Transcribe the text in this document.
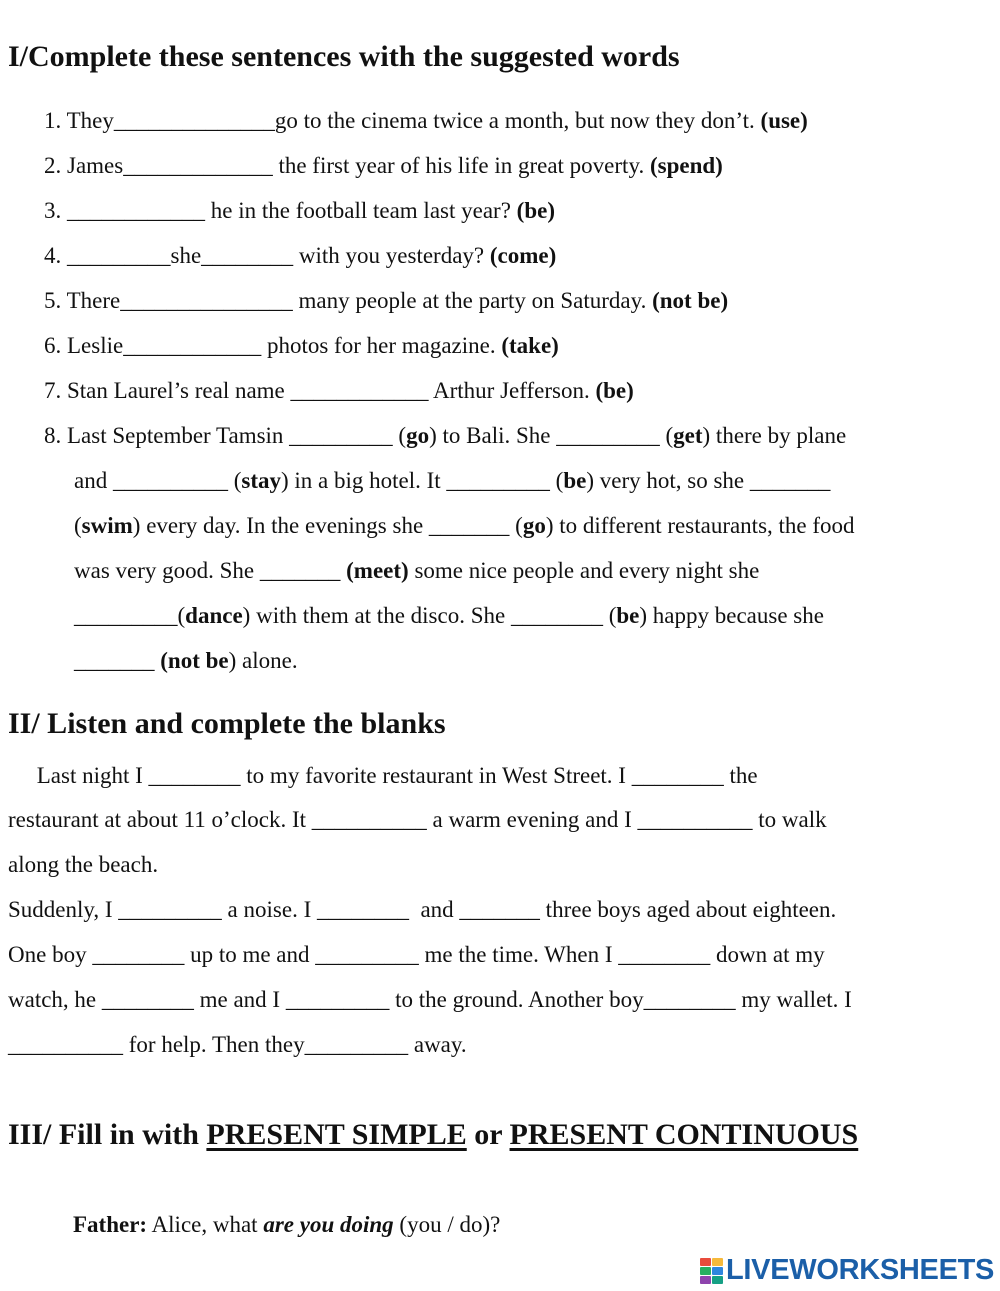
I/Complete these sentences with the suggested words
1. They______________go to the cinema twice a month, but now they don’t. (use)
2. James_____________ the first year of his life in great poverty. (spend)
3. ____________ he in the football team last year? (be)
4. _________she________ with you yesterday? (come)
5. There_______________ many people at the party on Saturday. (not be)
6. Leslie____________ photos for her magazine. (take)
7. Stan Laurel’s real name ____________ Arthur Jefferson. (be)
8. Last September Tamsin _________ (go) to Bali. She _________ (get) there by plane
and __________ (stay) in a big hotel. It _________ (be) very hot, so she _______
(swim) every day. In the evenings she _______ (go) to different restaurants, the food
was very good. She _______ (meet) some nice people and every night she
_________(dance) with them at the disco. She ________ (be) happy because she
_______ (not be) alone.
II/ Listen and complete the blanks
Last night I ________ to my favorite restaurant in West Street. I ________ the
restaurant at about 11 o’clock. It __________ a warm evening and I __________ to walk
along the beach.
Suddenly, I _________ a noise. I ________  and _______ three boys aged about eighteen.
One boy ________ up to me and _________ me the time. When I ________ down at my
watch, he ________ me and I _________ to the ground. Another boy________ my wallet. I
__________ for help. Then they_________ away.
III/ Fill in with PRESENT SIMPLE or PRESENT CONTINUOUS
Father: Alice, what are you doing (you / do)?
LIVEWORKSHEETS
